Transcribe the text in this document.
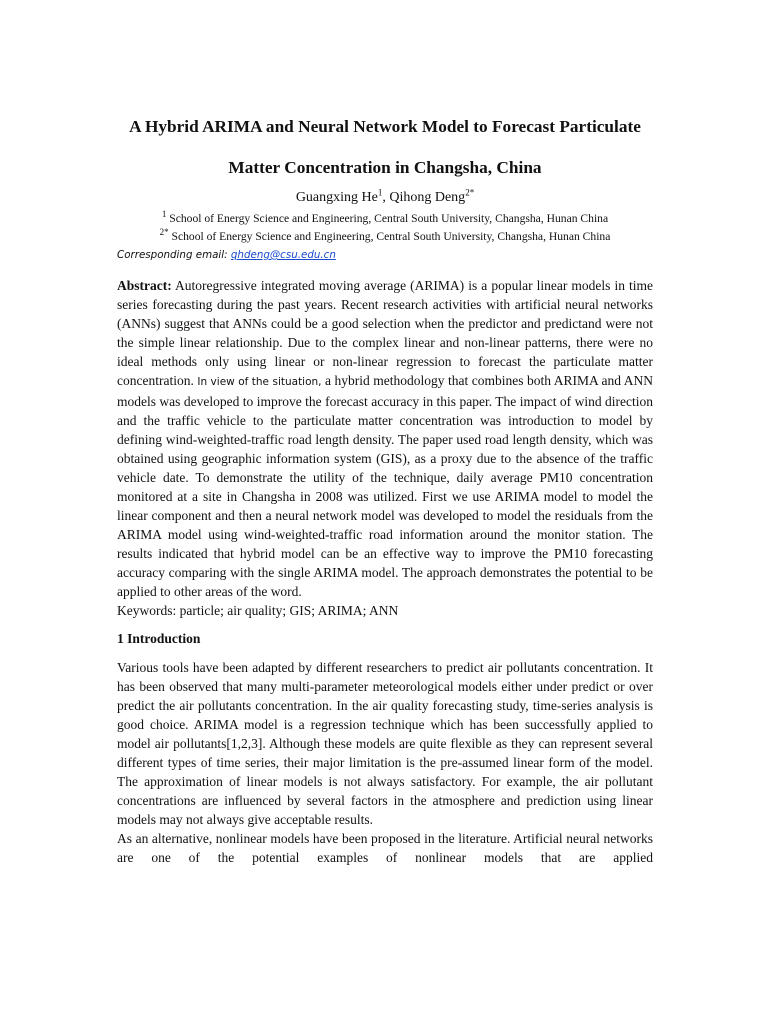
A Hybrid ARIMA and Neural Network Model to Forecast Particulate
Matter Concentration in Changsha, China
Guangxing He$^1$, Qihong Deng$^{2*}$
$^1$ School of Energy Science and Engineering, Central South University, Changsha, Hunan China
$^{2*}$ School of Energy Science and Engineering, Central South University, Changsha, Hunan China
Corresponding email: qhdeng@csu.edu.cn

Abstract: Autoregressive integrated moving average (ARIMA) is a popular linear models in time series forecasting during the past years. Recent research activities with artificial neural networks (ANNs) suggest that ANNs could be a good selection when the predictor and predictand were not the simple linear relationship. Due to the complex linear and non-linear patterns, there were no ideal methods only using linear or non-linear regression to forecast the particulate matter concentration. In view of the situation, a hybrid methodology that combines both ARIMA and ANN models was developed to improve the forecast accuracy in this paper. The impact of wind direction and the traffic vehicle to the particulate matter concentration was introduction to model by defining wind-weighted-traffic road length density. The paper used road length density, which was obtained using geographic information system (GIS), as a proxy due to the absence of the traffic vehicle date. To demonstrate the utility of the technique, daily average PM10 concentration monitored at a site in Changsha in 2008 was utilized. First we use ARIMA model to model the linear component and then a neural network model was developed to model the residuals from the ARIMA model using wind-weighted-traffic road information around the monitor station. The results indicated that hybrid model can be an effective way to improve the PM10 forecasting accuracy comparing with the single ARIMA model. The approach demonstrates the potential to be applied to other areas of the word.

Keywords: particle; air quality; GIS; ARIMA; ANN
1 Introduction

Various tools have been adapted by different researchers to predict air pollutants concentration. It has been observed that many multi-parameter meteorological models either under predict or over predict the air pollutants concentration. In the air quality forecasting study, time-series analysis is good choice. ARIMA model is a regression technique which has been successfully applied to model air pollutants[1,2,3]. Although these models are quite flexible as they can represent several different types of time series, their major limitation is the pre-assumed linear form of the model. The approximation of linear models is not always satisfactory. For example, the air pollutant concentrations are influenced by several factors in the atmosphere and prediction using linear models may not always give acceptable results.

As an alternative, nonlinear models have been proposed in the literature. Artificial neural networks are one of the potential examples of nonlinear models that are applied
